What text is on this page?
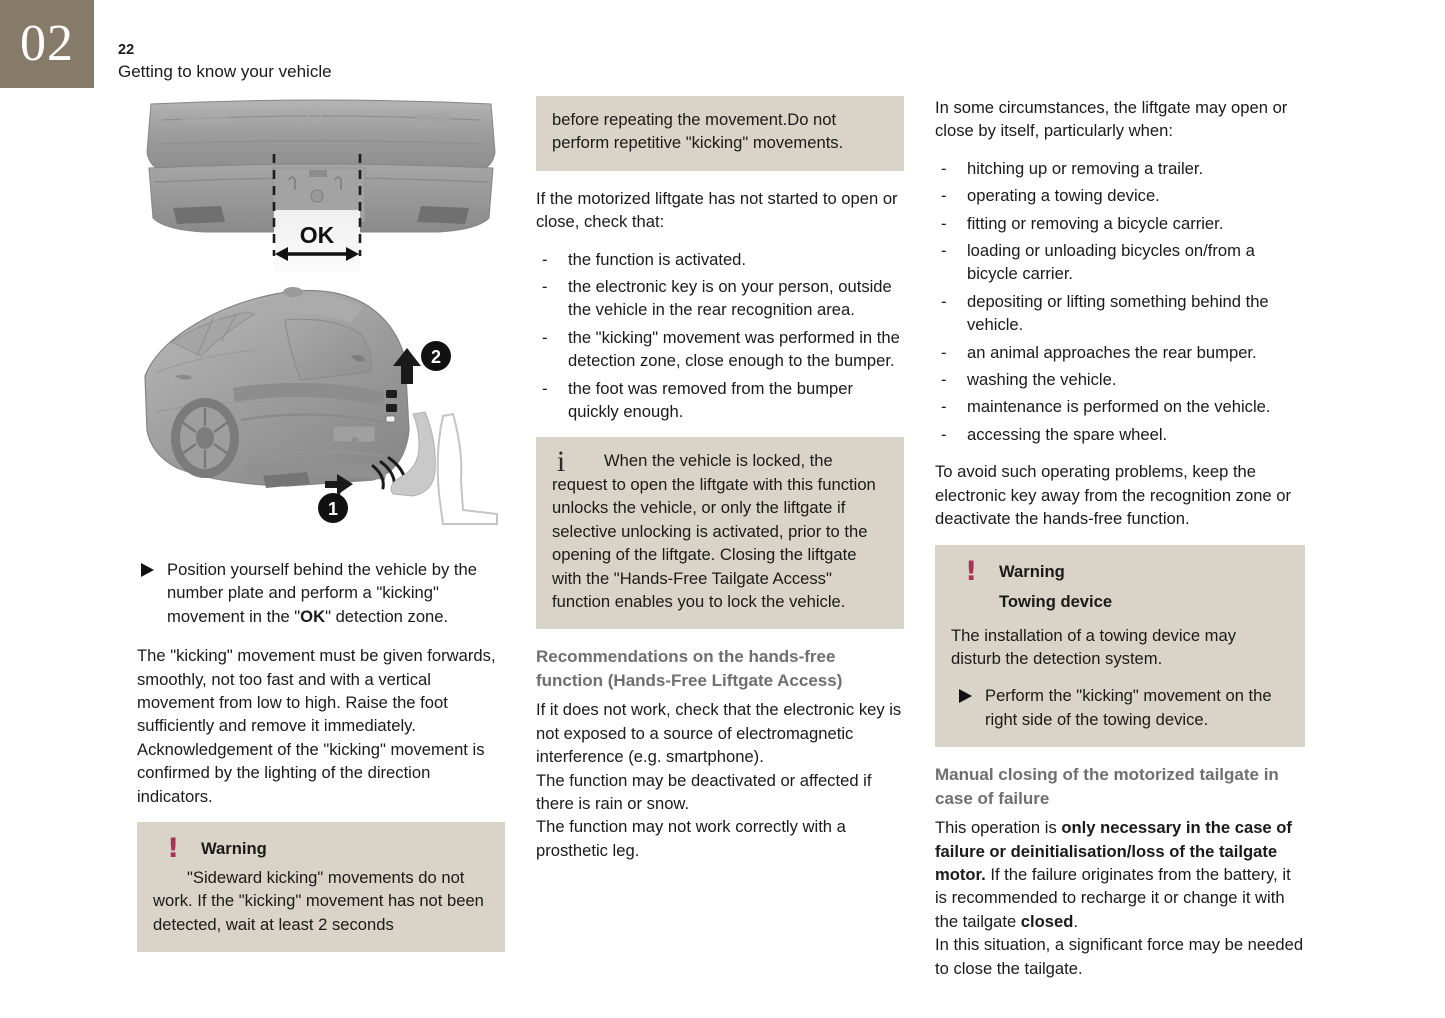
02	22
Getting to know your vehicle
OK
2
1
Position yourself behind the vehicle by the number plate and perform a "kicking" movement in the "OK" detection zone.

The "kicking" movement must be given forwards, smoothly, not too fast and with a vertical movement from low to high. Raise the foot sufficiently and remove it immediately. Acknowledgement of the "kicking" movement is confirmed by the lighting of the direction indicators.

! Warning

"Sideward kicking" movements do not work. If the "kicking" movement has not been detected, wait at least 2 seconds

before repeating the movement.Do not perform repetitive "kicking" movements.

If the motorized liftgate has not started to open or close, check that:

- the function is activated.
- the electronic key is on your person, outside the vehicle in the rear recognition area.
- the "kicking" movement was performed in the detection zone, close enough to the bumper.
- the foot was removed from the bumper quickly enough.
i	When the vehicle is locked, the request to open the liftgate with this function unlocks the vehicle, or only the liftgate if selective unlocking is activated, prior to the opening of the liftgate. Closing the liftgate with the "Hands-Free Tailgate Access" function enables you to lock the vehicle.

Recommendations on the hands-free function (Hands-Free Liftgate Access)

If it does not work, check that the electronic key is not exposed to a source of electromagnetic interference (e.g. smartphone).

The function may be deactivated or affected if there is rain or snow.

The function may not work correctly with a prosthetic leg.

In some circumstances, the liftgate may open or close by itself, particularly when:

- hitching up or removing a trailer.
- operating a towing device.
- fitting or removing a bicycle carrier.
- loading or unloading bicycles on/from a bicycle carrier.
- depositing or lifting something behind the vehicle.
- an animal approaches the rear bumper.
- washing the vehicle.
- maintenance is performed on the vehicle.
- accessing the spare wheel.

To avoid such operating problems, keep the electronic key away from the recognition zone or deactivate the hands-free function.

! Warning
Towing device

The installation of a towing device may disturb the detection system.

Perform the "kicking" movement on the right side of the towing device.
Manual closing of the motorized tailgate in case of failure

This operation is only necessary in the case of failure or deinitialisation/loss of the tailgate motor. If the failure originates from the battery, it is recommended to recharge it or change it with the tailgate closed.

In this situation, a significant force may be needed to close the tailgate.
